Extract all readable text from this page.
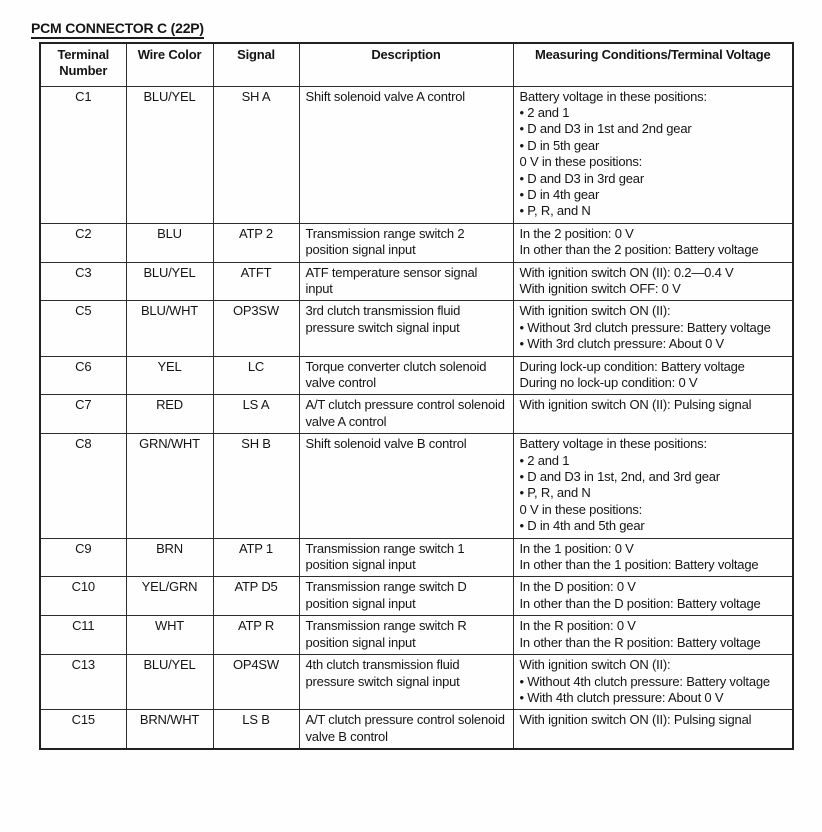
PCM CONNECTOR C (22P)
Terminal Number	Wire Color	Signal	Description	Measuring Conditions/Terminal Voltage
C1	BLU/YEL	SH A	Shift solenoid valve A control	Battery voltage in these positions:
• 2 and 1
• D and D3 in 1st and 2nd gear
• D in 5th gear
0 V in these positions:
• D and D3 in 3rd gear
• D in 4th gear
• P, R, and N

C2	BLU	ATP 2	Transmission range switch 2 position signal input	In the 2 position: 0 V
In other than the 2 position: Battery voltage

C3	BLU/YEL	ATFT	ATF temperature sensor signal input	With ignition switch ON (II): 0.2—0.4 V
With ignition switch OFF: 0 V

C5	BLU/WHT	OP3SW	3rd clutch transmission fluid pressure switch signal input	With ignition switch ON (II):
• Without 3rd clutch pressure: Battery voltage
• With 3rd clutch pressure: About 0 V

C6	YEL	LC	Torque converter clutch solenoid valve control	During lock-up condition: Battery voltage
During no lock-up condition: 0 V

C7	RED	LS A	A/T clutch pressure control solenoid valve A control	With ignition switch ON (II): Pulsing signal

C8	GRN/WHT	SH B	Shift solenoid valve B control	Battery voltage in these positions:
• 2 and 1
• D and D3 in 1st, 2nd, and 3rd gear
• P, R, and N
0 V in these positions:
• D in 4th and 5th gear

C9	BRN	ATP 1	Transmission range switch 1 position signal input	In the 1 position: 0 V
In other than the 1 position: Battery voltage

C10	YEL/GRN	ATP D5	Transmission range switch D position signal input	In the D position: 0 V
In other than the D position: Battery voltage

C11	WHT	ATP R	Transmission range switch R position signal input	In the R position: 0 V
In other than the R position: Battery voltage

C13	BLU/YEL	OP4SW	4th clutch transmission fluid pressure switch signal input	With ignition switch ON (II):
• Without 4th clutch pressure: Battery voltage
• With 4th clutch pressure: About 0 V

C15	BRN/WHT	LS B	A/T clutch pressure control solenoid valve B control	With ignition switch ON (II): Pulsing signal
